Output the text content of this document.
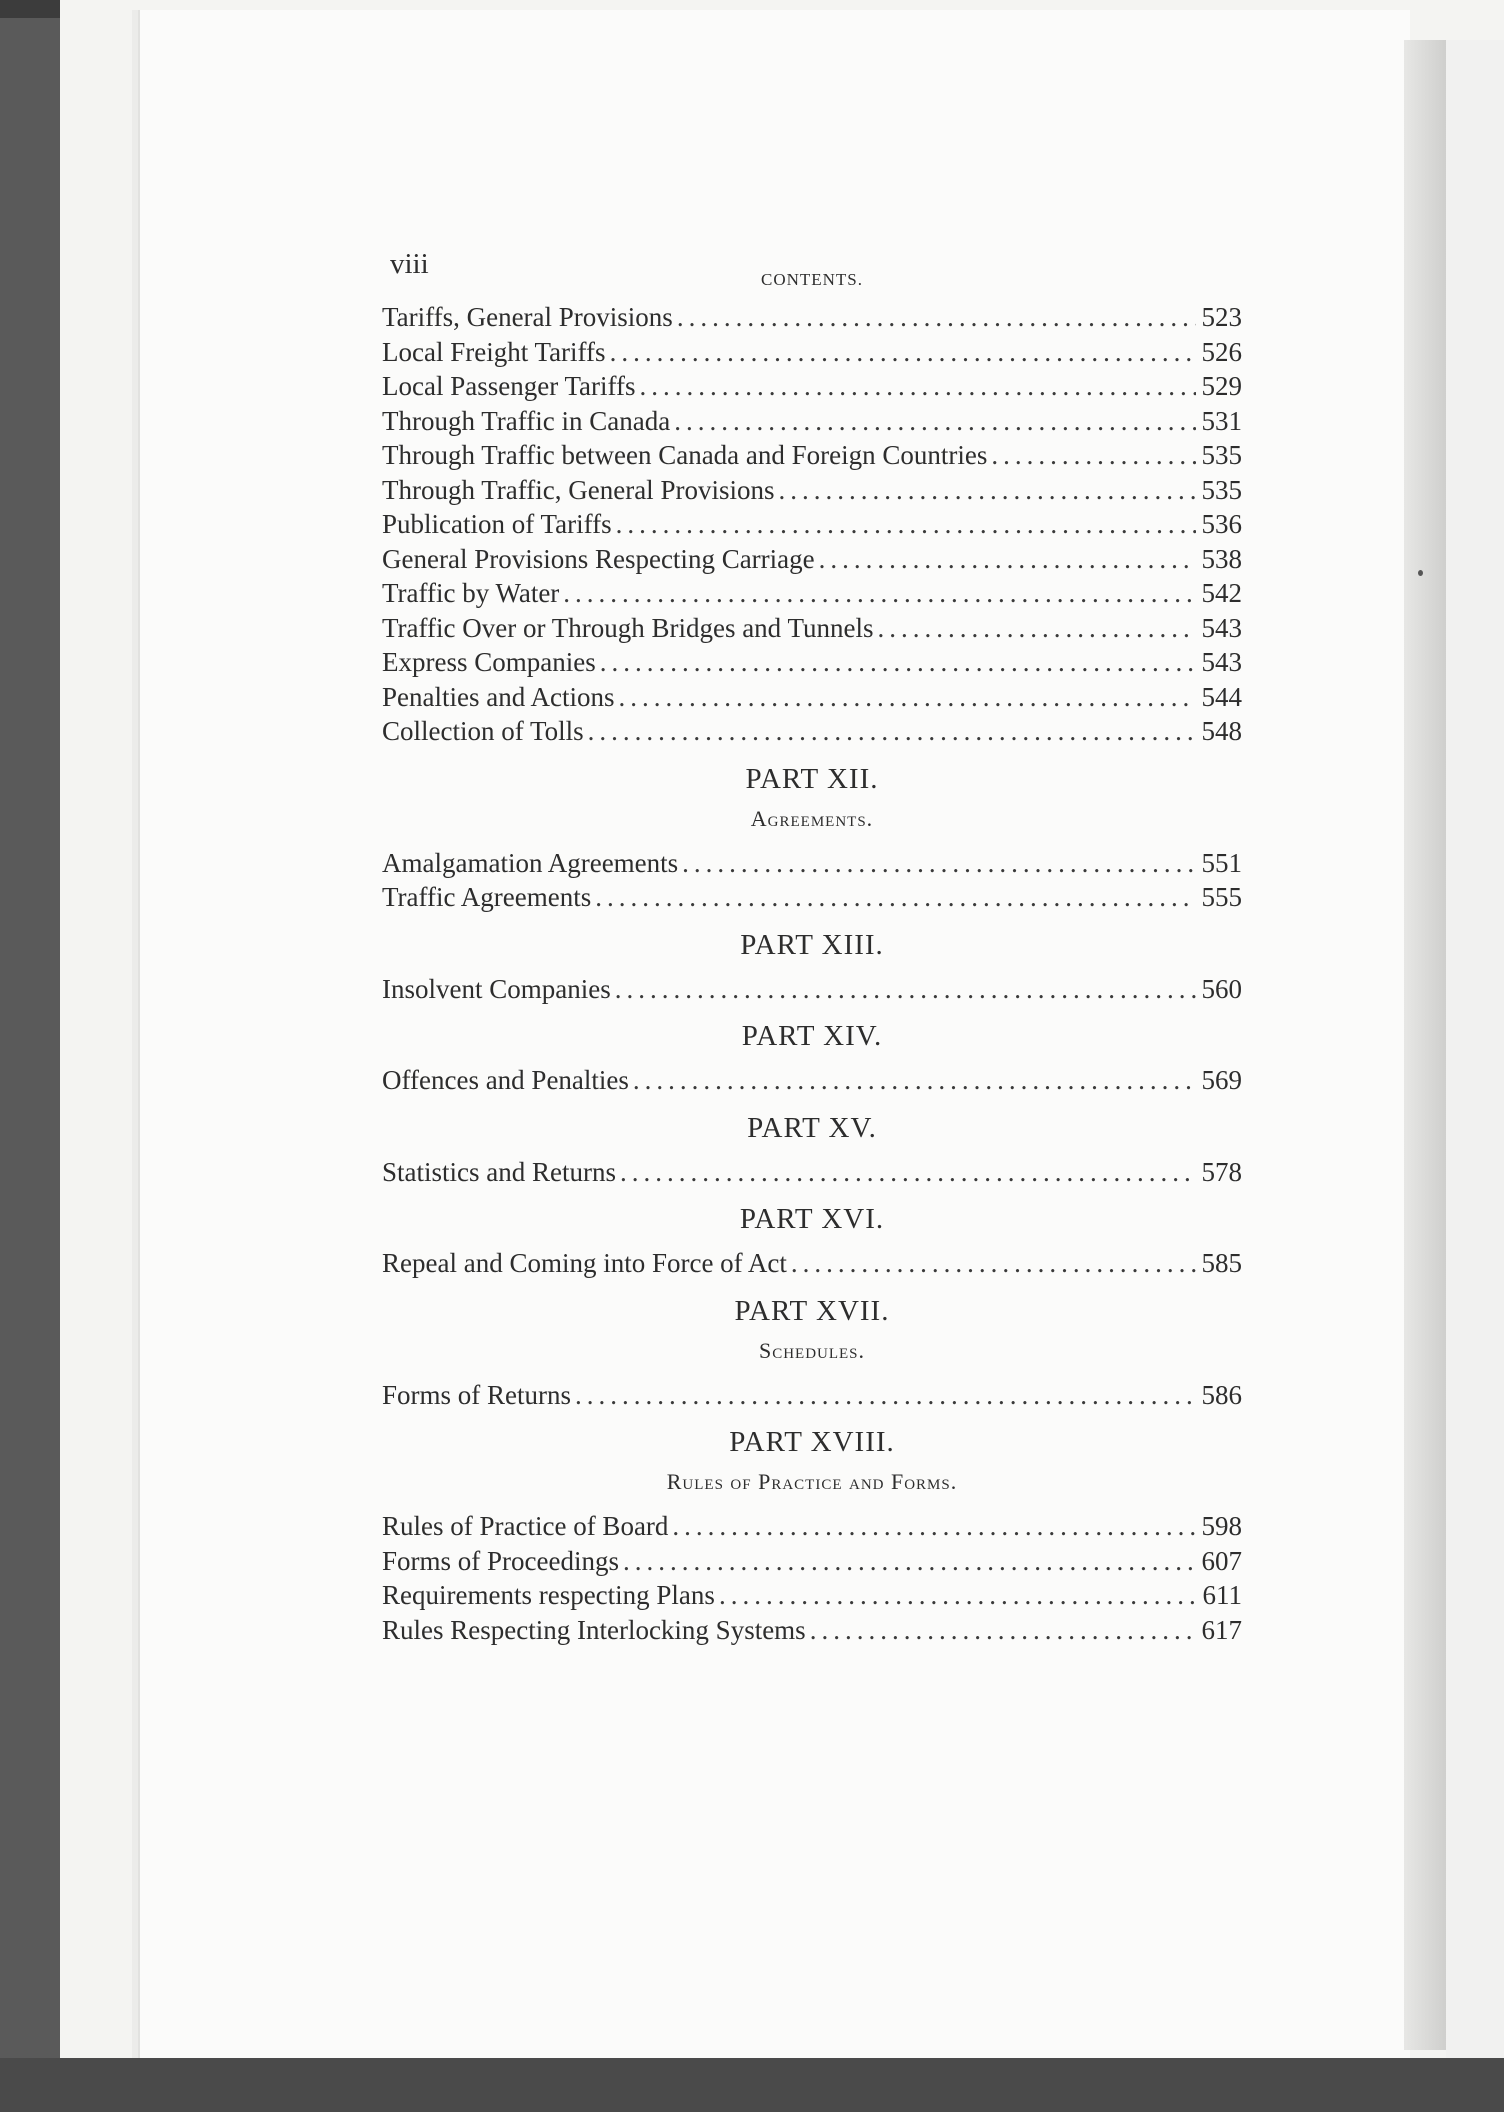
viii	CONTENTS.
Tariffs, General Provisions .....	523
Local Freight Tariffs .....	526
Local Passenger Tariffs .....	529
Through Traffic in Canada .....	531
Through Traffic between Canada and Foreign Countries .....	535
Through Traffic, General Provisions .....	535
Publication of Tariffs .....	536
General Provisions Respecting Carriage .....	538
Traffic by Water .....	542
Traffic Over or Through Bridges and Tunnels .....	543
Express Companies .....	543
Penalties and Actions .....	544
Collection of Tolls .....	548
PART XII.
Agreements.
Amalgamation Agreements .....	551
Traffic Agreements .....	555
PART XIII.
Insolvent Companies .....	560
PART XIV.
Offences and Penalties .....	569
PART XV.
Statistics and Returns .....	578
PART XVI.
Repeal and Coming into Force of Act .....	585
PART XVII.
Schedules.
Forms of Returns .....	586
PART XVIII.
Rules of Practice and Forms.
Rules of Practice of Board .....	598
Forms of Proceedings .....	607
Requirements respecting Plans .....	611
Rules Respecting Interlocking Systems .....	617
